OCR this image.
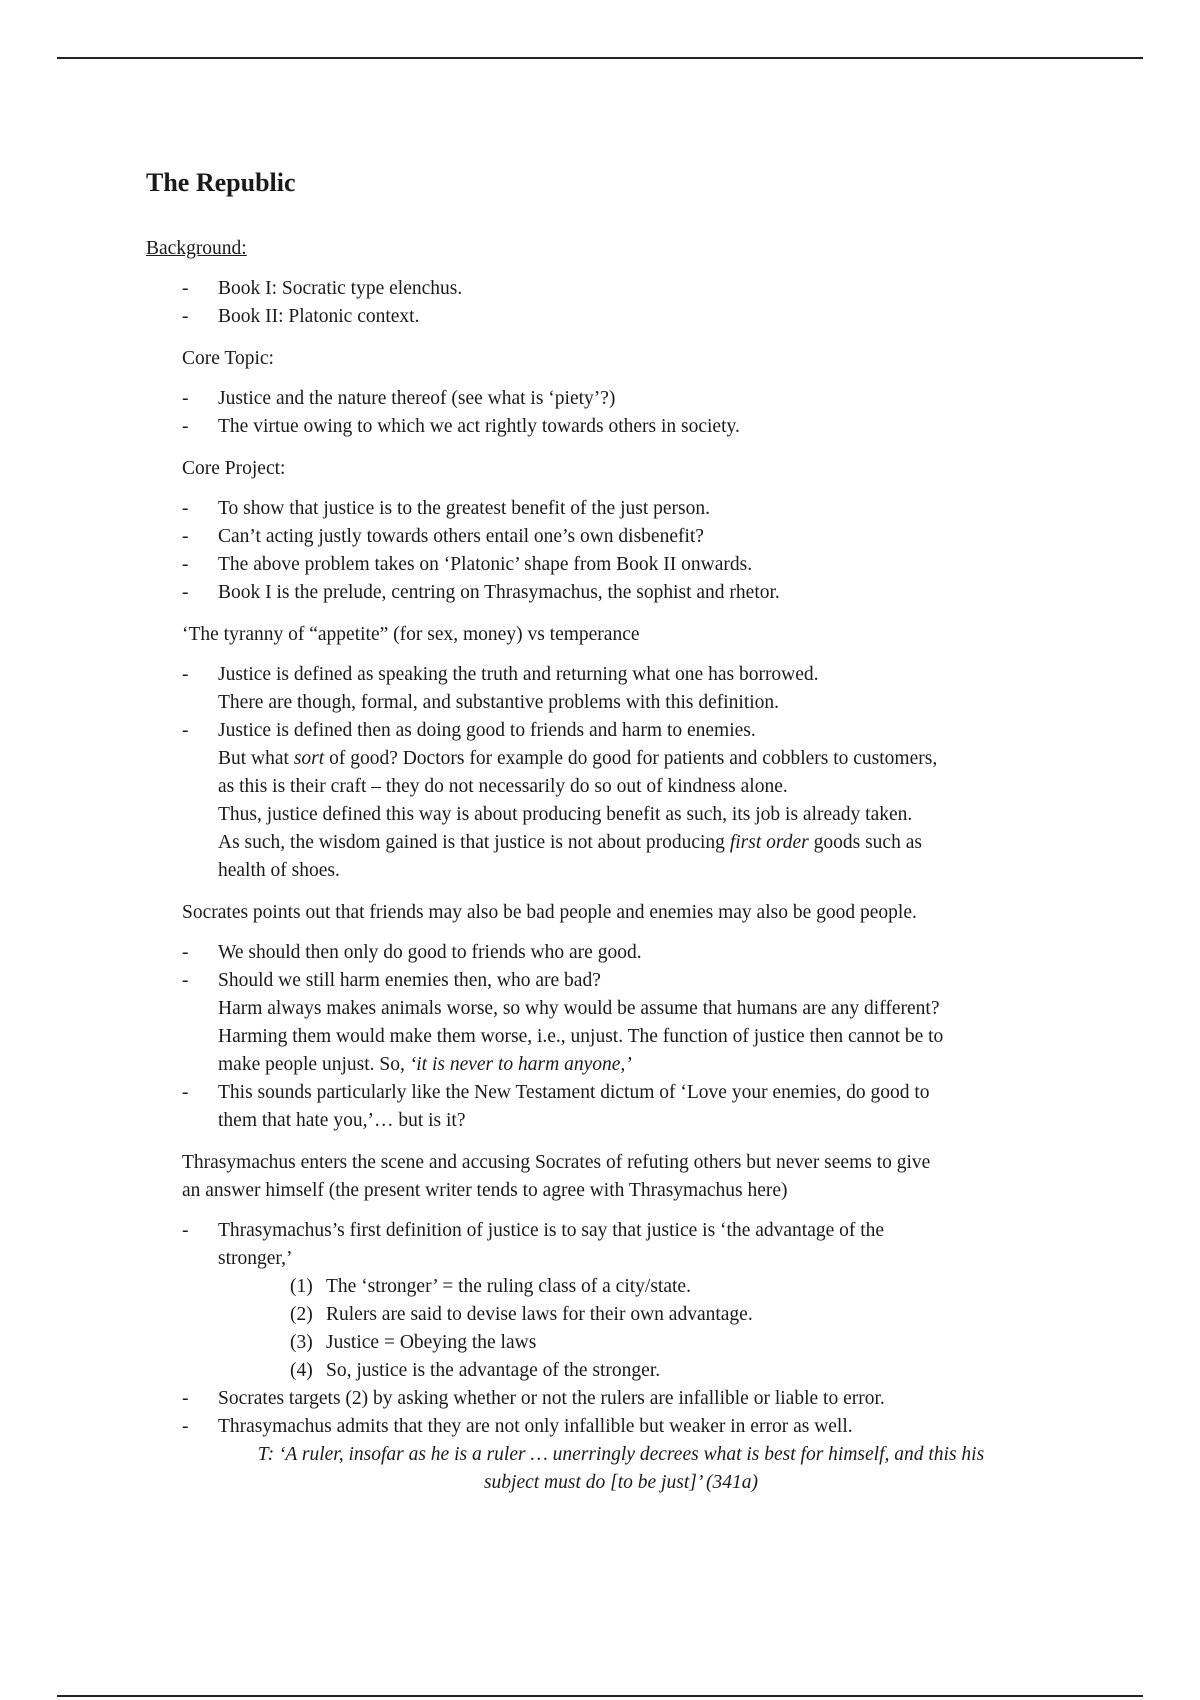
The Republic
Background:
- Book I: Socratic type elenchus.
- Book II: Platonic context.
Core Topic:
- Justice and the nature thereof (see what is ‘piety’?)
- The virtue owing to which we act rightly towards others in society.
Core Project:
- To show that justice is to the greatest benefit of the just person.
- Can’t acting justly towards others entail one’s own disbenefit?
- The above problem takes on ‘Platonic’ shape from Book II onwards.
- Book I is the prelude, centring on Thrasymachus, the sophist and rhetor.
‘The tyranny of “appetite” (for sex, money) vs temperance
- Justice is defined as speaking the truth and returning what one has borrowed.
There are though, formal, and substantive problems with this definition.
- Justice is defined then as doing good to friends and harm to enemies.
But what sort of good? Doctors for example do good for patients and cobblers to customers,
as this is their craft – they do not necessarily do so out of kindness alone.
Thus, justice defined this way is about producing benefit as such, its job is already taken.
As such, the wisdom gained is that justice is not about producing first order goods such as
health of shoes.
Socrates points out that friends may also be bad people and enemies may also be good people.
- We should then only do good to friends who are good.
- Should we still harm enemies then, who are bad?
Harm always makes animals worse, so why would be assume that humans are any different?
Harming them would make them worse, i.e., unjust. The function of justice then cannot be to
make people unjust. So, ‘it is never to harm anyone,’
- This sounds particularly like the New Testament dictum of ‘Love your enemies, do good to
them that hate you,’… but is it?
Thrasymachus enters the scene and accusing Socrates of refuting others but never seems to give
an answer himself (the present writer tends to agree with Thrasymachus here)
- Thrasymachus’s first definition of justice is to say that justice is ‘the advantage of the
stronger,’
(1) The ‘stronger’ = the ruling class of a city/state.
(2) Rulers are said to devise laws for their own advantage.
(3) Justice = Obeying the laws
(4) So, justice is the advantage of the stronger.
- Socrates targets (2) by asking whether or not the rulers are infallible or liable to error.
- Thrasymachus admits that they are not only infallible but weaker in error as well.
T: ‘A ruler, insofar as he is a ruler … unerringly decrees what is best for himself, and this his
subject must do [to be just]’ (341a)
